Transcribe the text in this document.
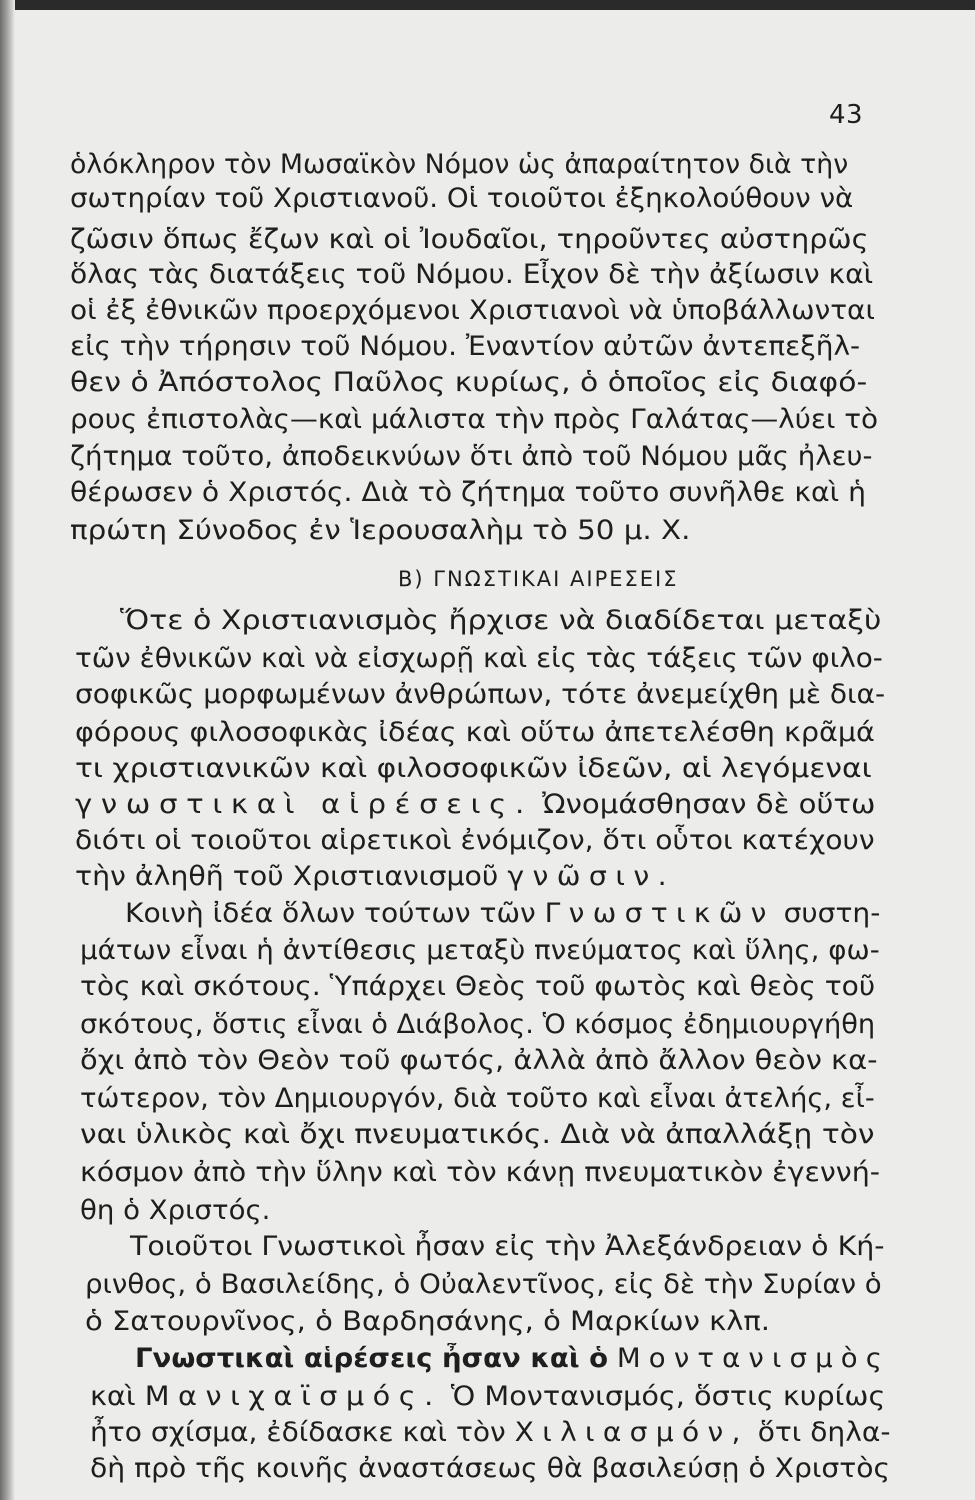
43
Β) ΓΝΩΣΤΙΚΑΙ ΑΙΡΕΣΕΙΣ
ὁλόκληρον τὸν Μωσαϊκὸν Νόμον ὡς ἀπαραίτητον διὰ τὴν
σωτηρίαν τοῦ Χριστιανοῦ. Οἱ τοιοῦτοι ἐξηκολούθουν νὰ
ζῶσιν ὅπως ἔζων καὶ οἱ Ἰουδαῖοι, τηροῦντες αὐστηρῶς
ὅλας τὰς διατάξεις τοῦ Νόμου. Εἶχον δὲ τὴν ἀξίωσιν καὶ
οἱ ἐξ ἐθνικῶν προερχόμενοι Χριστιανοὶ νὰ ὑποβάλλωνται
εἰς τὴν τήρησιν τοῦ Νόμου. Ἐναντίον αὐτῶν ἀντεπεξῆλ-
θεν ὁ Ἀπόστολος Παῦλος κυρίως, ὁ ὁποῖος εἰς διαφό-
ρους ἐπιστολὰς—καὶ μάλιστα τὴν πρὸς Γαλάτας—λύει τὸ
ζήτημα τοῦτο, ἀποδεικνύων ὅτι ἀπὸ τοῦ Νόμου μᾶς ἠλευ-
θέρωσεν ὁ Χριστός. Διὰ τὸ ζήτημα τοῦτο συνῆλθε καὶ ἡ
πρώτη Σύνοδος ἐν Ἱερουσαλὴμ τὸ 50 μ. Χ.
Ὅτε ὁ Χριστιανισμὸς ἤρχισε νὰ διαδίδεται μεταξὺ
τῶν ἐθνικῶν καὶ νὰ εἰσχωρῇ καὶ εἰς τὰς τάξεις τῶν φιλο-
σοφικῶς μορφωμένων ἀνθρώπων, τότε ἀνεμείχθη μὲ δια-
φόρους φιλοσοφικὰς ἰδέας καὶ οὕτω ἀπετελέσθη κρᾶμά
τι χριστιανικῶν καὶ φιλοσοφικῶν ἰδεῶν, αἱ λεγόμεναι
γνωστικαὶ αἱρέσεις. Ὠνομάσθησαν δὲ οὕτω
διότι οἱ τοιοῦτοι αἱρετικοὶ ἐνόμιζον, ὅτι οὗτοι κατέχουν
τὴν ἀληθῆ τοῦ Χριστιανισμοῦ γνῶσιν.
Κοινὴ ἰδέα ὅλων τούτων τῶν Γνωστικῶν συστη-
μάτων εἶναι ἡ ἀντίθεσις μεταξὺ πνεύματος καὶ ὕλης, φω-
τὸς καὶ σκότους. Ὑπάρχει Θεὸς τοῦ φωτὸς καὶ θεὸς τοῦ
σκότους, ὅστις εἶναι ὁ Διάβολος. Ὁ κόσμος ἐδημιουργήθη
ὄχι ἀπὸ τὸν Θεὸν τοῦ φωτός, ἀλλὰ ἀπὸ ἄλλον θεὸν κα-
τώτερον, τὸν Δημιουργόν, διὰ τοῦτο καὶ εἶναι ἀτελής, εἶ-
ναι ὑλικὸς καὶ ὄχι πνευματικός. Διὰ νὰ ἀπαλλάξῃ τὸν
κόσμον ἀπὸ τὴν ὕλην καὶ τὸν κάνῃ πνευματικὸν ἐγεννή-
θη ὁ Χριστός.
Τοιοῦτοι Γνωστικοὶ ἦσαν εἰς τὴν Ἀλεξάνδρειαν ὁ Κή-
ρινθος, ὁ Βασιλείδης, ὁ Οὐαλεντῖνος, εἰς δὲ τὴν Συρίαν ὁ
ὁ Σατουρνῖνος, ὁ Βαρδησάνης, ὁ Μαρκίων κλπ.
Γνωστικαὶ αἱρέσεις ἦσαν καὶ ὁ Μοντανισμὸς
καὶ Μανιχαϊσμός. Ὁ Μοντανισμός, ὅστις κυρίως
ἦτο σχίσμα, ἐδίδασκε καὶ τὸν Χιλιασμόν, ὅτι δηλα-
δὴ πρὸ τῆς κοινῆς ἀναστάσεως θὰ βασιλεύσῃ ὁ Χριστὸς
